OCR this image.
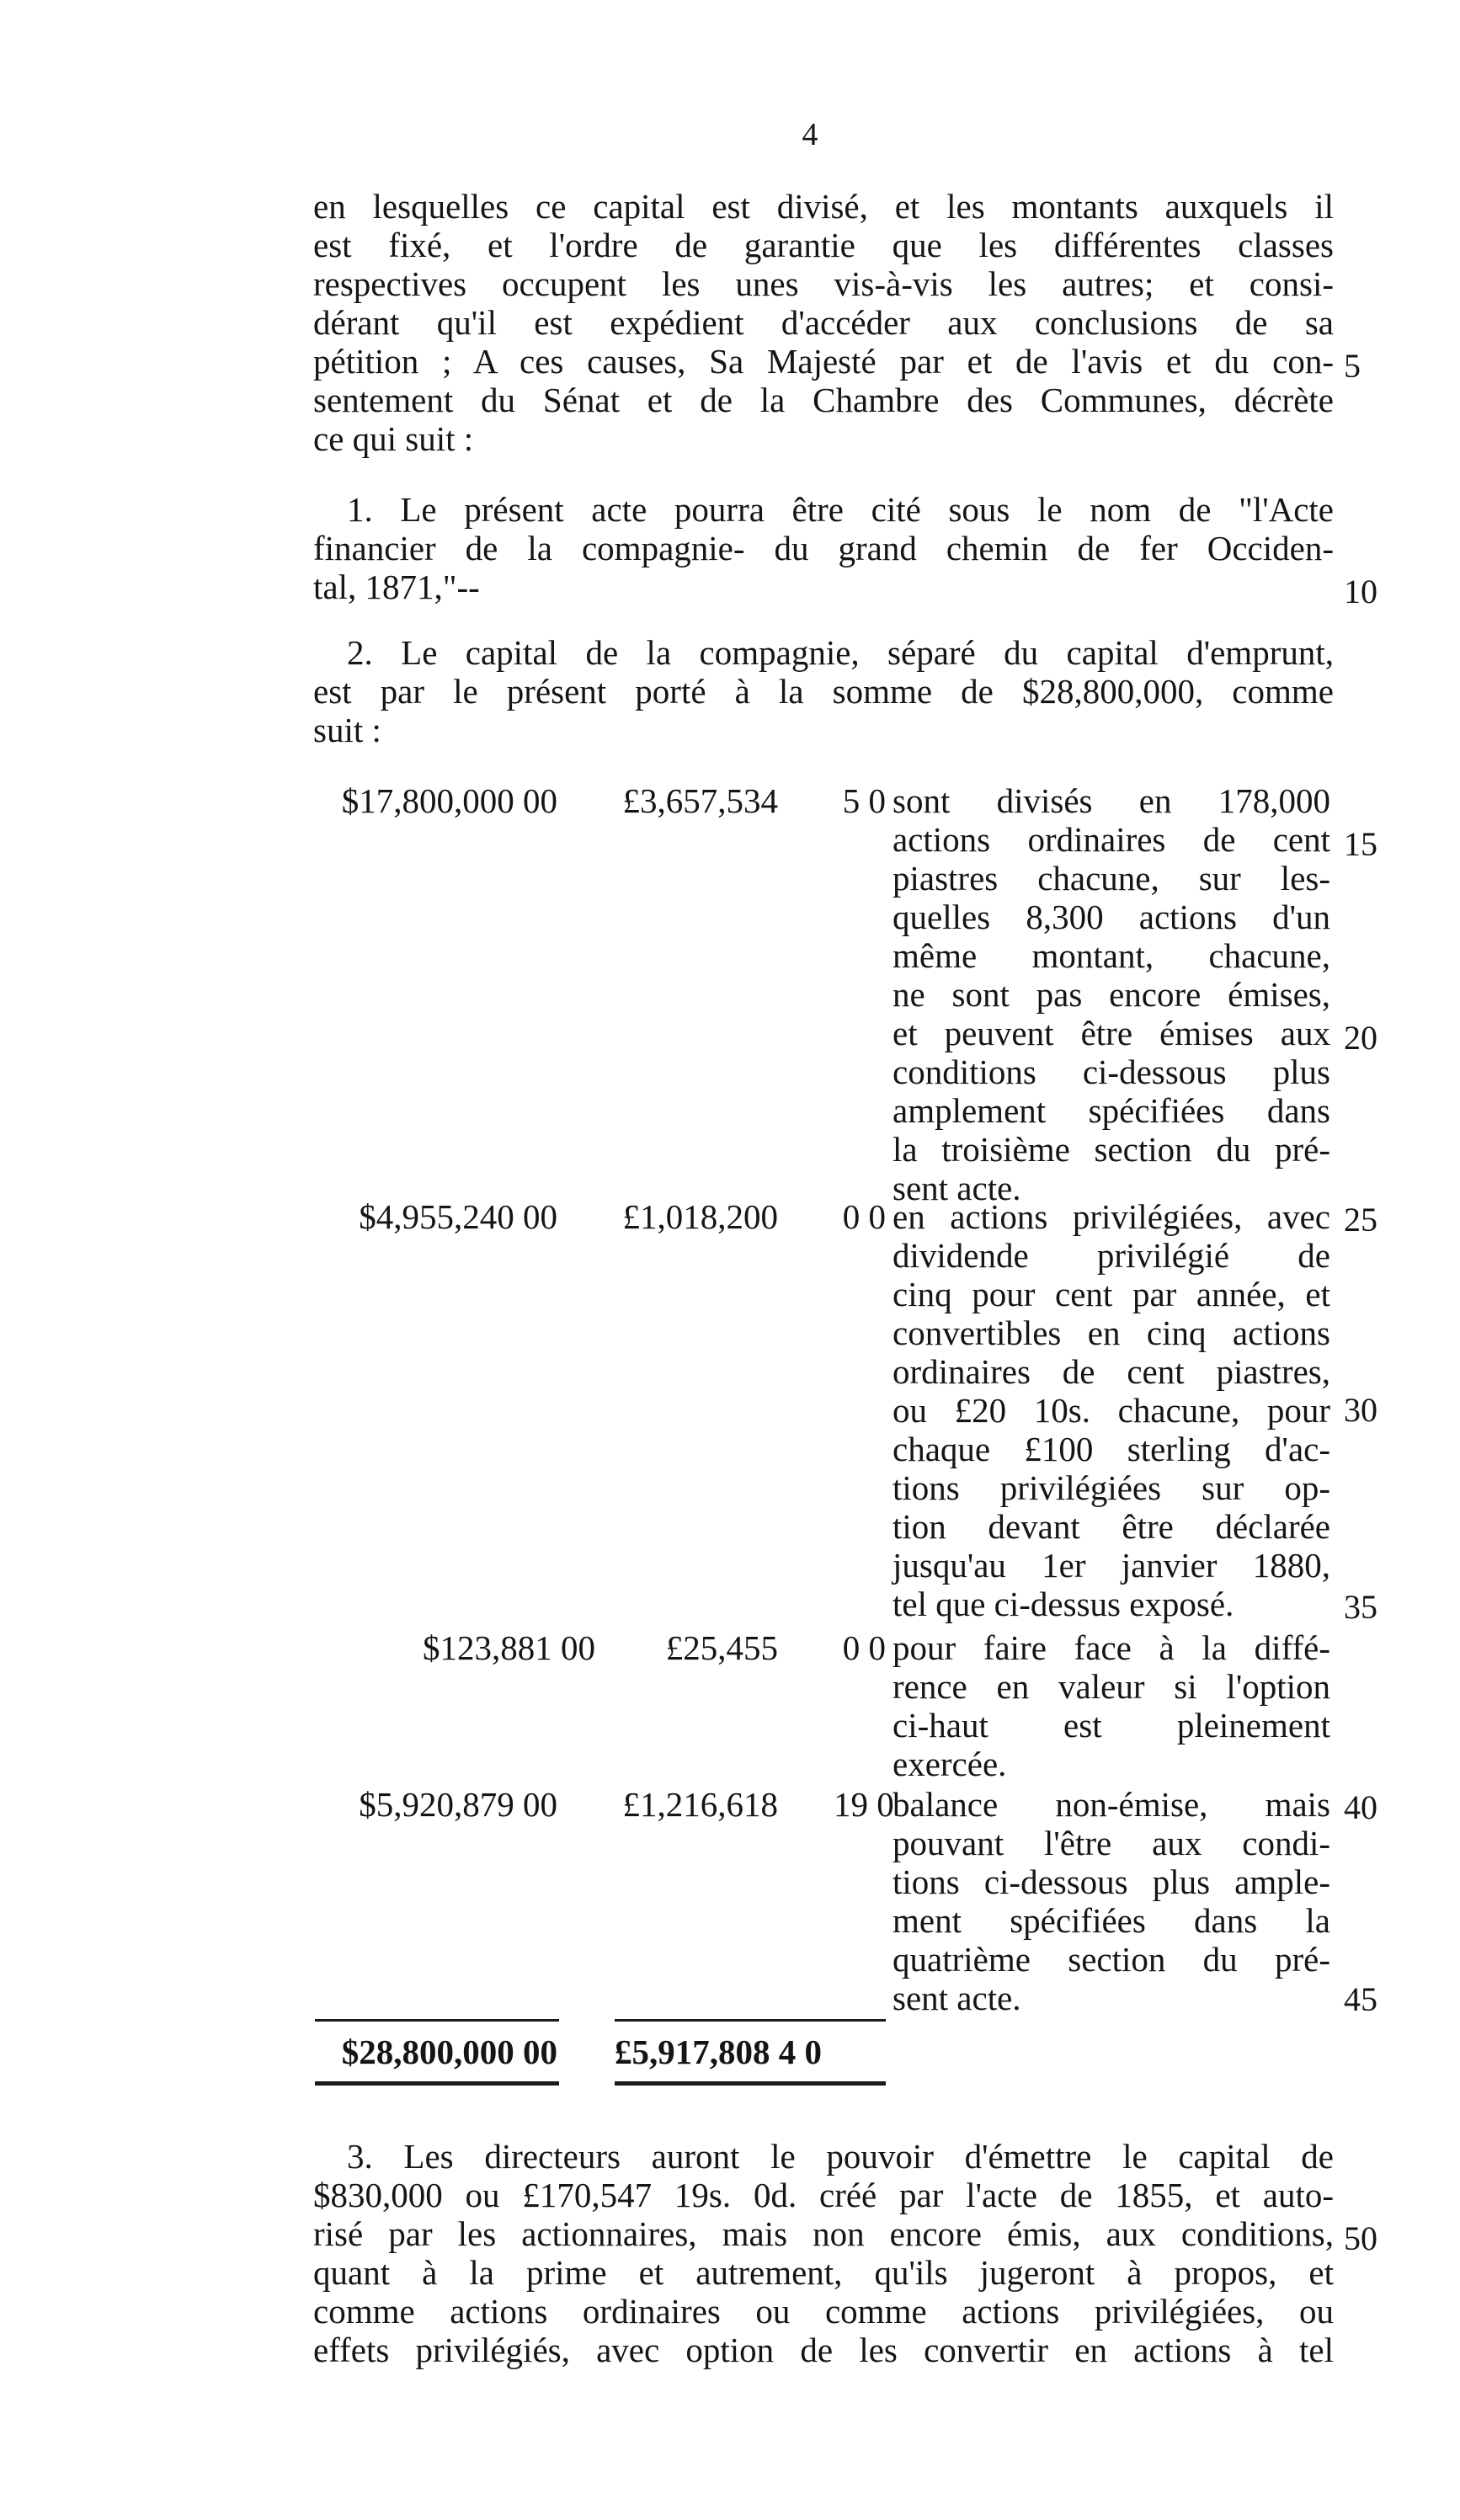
4
en lesquelles ce capital est divisé, et les montants auxquels il
est fixé, et l'ordre de garantie que les différentes classes
respectives occupent les unes vis-à-vis les autres; et consi-
dérant qu'il est expédient d'accéder aux conclusions de sa
pétition ; A ces causes, Sa Majesté par et de l'avis et du con-
sentement du Sénat et de la Chambre des Communes, décrète
ce qui suit :
1. Le présent acte pourra être cité sous le nom de "l'Acte
financier de la compagnie- du grand chemin de fer Occiden-
tal, 1871,"--
2. Le capital de la compagnie, séparé du capital d'emprunt,
est par le présent porté à la somme de $28,800,000, comme
suit :
$17,800,000 00	£3,657,534 5 0 sont divisés en 178,000
actions ordinaires de cent
piastres chacune, sur les-
quelles 8,300 actions d'un
même montant, chacune,
ne sont pas encore émises,
et peuvent être émises aux
conditions ci-dessous plus
amplement spécifiées dans
la troisième section du pré-
sent acte.
$4,955,240 00	£1,018,200 0 0 en actions privilégiées, avec
dividende privilégié de
cinq pour cent par année, et
convertibles en cinq actions
ordinaires de cent piastres,
ou £20 10s. chacune, pour
chaque £100 sterling d'ac-
tions privilégiées sur op-
tion devant être déclarée
jusqu'au 1er janvier 1880,
tel que ci-dessus exposé.
$123,881 00	£25,455 0 0 pour faire face à la diffé-
rence en valeur si l'option
ci-haut est pleinement
exercée.
$5,920,879 00	£1,216,618 19 0
balance non-émise, mais
pouvant l'être aux condi-
tions ci-dessous plus ample-
ment spécifiées dans la
quatrième section du pré-
sent acte.
$28,800,000 00 £5,917,808 4 0
3. Les directeurs auront le pouvoir d'émettre le capital de
$830,000 ou £170,547 19s. 0d. créé par l'acte de 1855, et auto-
risé par les actionnaires, mais non encore émis, aux conditions,
quant à la prime et autrement, qu'ils jugeront à propos, et
comme actions ordinaires ou comme actions privilégiées, ou
effets privilégiés, avec option de les convertir en actions à tel
5
10
15
20
25
30
35
40
45
50
